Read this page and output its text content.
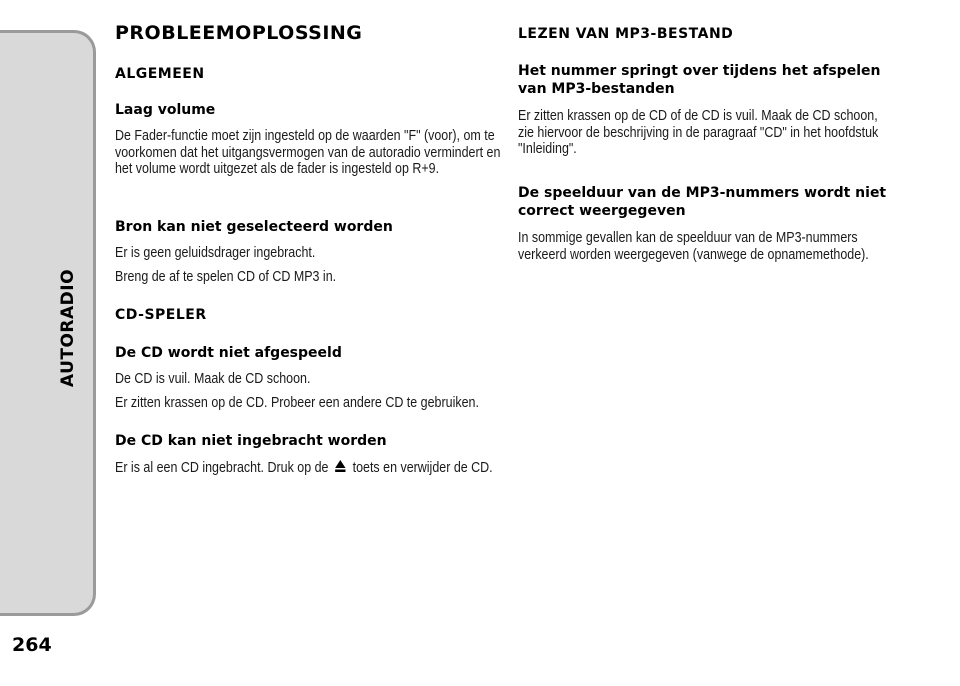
AUTORADIO
264
PROBLEEMOPLOSSING
ALGEMEEN
Laag volume

De Fader-functie moet zijn ingesteld op de waarden "F" (voor), om te voorkomen dat het uitgangsvermogen van de autoradio vermindert en het volume wordt uitgezet als de fader is ingesteld op R+9.

Bron kan niet geselecteerd worden

Er is geen geluidsdrager ingebracht.

Breng de af te spelen CD of CD MP3 in.

CD-SPELER
De CD wordt niet afgespeeld

De CD is vuil. Maak de CD schoon.

Er zitten krassen op de CD. Probeer een andere CD te gebruiken.

De CD kan niet ingebracht worden

Er is al een CD ingebracht. Druk op de toets en verwijder de CD.

LEZEN VAN MP3-BESTAND
Het nummer springt over tijdens het afspelen van MP3-bestanden

Er zitten krassen op de CD of de CD is vuil. Maak de CD schoon, zie hiervoor de beschrijving in de paragraaf "CD" in het hoofdstuk "Inleiding".

De speelduur van de MP3-nummers wordt niet correct weergegeven

In sommige gevallen kan de speelduur van de MP3-nummers verkeerd worden weergegeven (vanwege de opnamemethode).
